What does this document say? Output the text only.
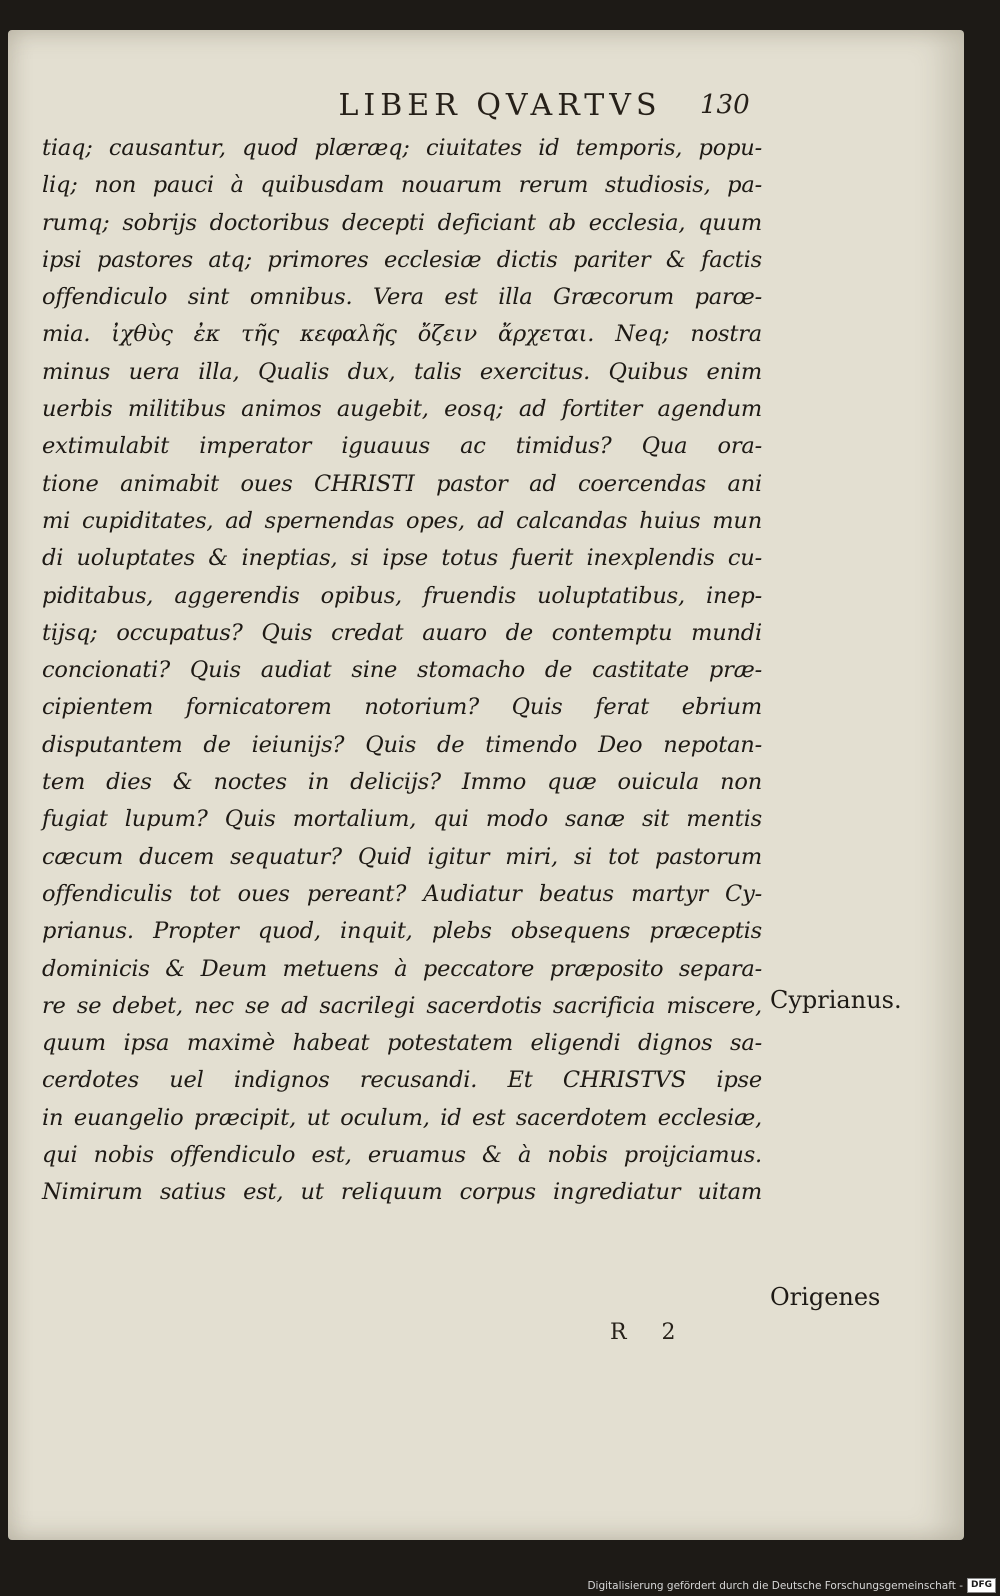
LIBER QVARTVS	130
tiaq; causantur, quod plæræq; ciuitates id temporis, popu-
liq; non pauci à quibusdam nouarum rerum studiosis, pa-
rumq; sobrijs doctoribus decepti deficiant ab ecclesia, quum
ipsi pastores atq; primores ecclesiæ dictis pariter & factis
offendiculo sint omnibus. Vera est illa Græcorum parœ-
mia. ἰχθὺς ἐκ τῆς κεφαλῆς ὄζειν ἄρχεται. Neq; nostra
minus uera illa, Qualis dux, talis exercitus. Quibus enim
uerbis militibus animos augebit, eosq; ad fortiter agendum
extimulabit imperator iguauus ac timidus? Qua ora-
tione animabit oues CHRISTI pastor ad coercendas ani
mi cupiditates, ad spernendas opes, ad calcandas huius mun
di uoluptates & ineptias, si ipse totus fuerit inexplendis cu-
piditabus, aggerendis opibus, fruendis uoluptatibus, inep-
tijsq; occupatus? Quis credat auaro de contemptu mundi
concionati? Quis audiat sine stomacho de castitate præ-
cipientem fornicatorem notorium? Quis ferat ebrium
disputantem de ieiunijs? Quis de timendo Deo nepotan-
tem dies & noctes in delicijs? Immo quæ ouicula non
fugiat lupum? Quis mortalium, qui modo sanæ sit mentis
cæcum ducem sequatur? Quid igitur miri, si tot pastorum
offendiculis tot oues pereant? Audiatur beatus martyr Cy-
prianus. Propter quod, inquit, plebs obsequens præceptis
dominicis & Deum metuens à peccatore præposito separa-
re se debet, nec se ad sacrilegi sacerdotis sacrificia miscere,
quum ipsa maximè habeat potestatem eligendi dignos sa-
cerdotes uel indignos recusandi. Et CHRISTVS ipse
in euangelio præcipit, ut oculum, id est sacerdotem ecclesiæ,
qui nobis offendiculo est, eruamus & à nobis proijciamus.
Nimirum satius est, ut reliquum corpus ingrediatur uitam
Cyprianus.
Origenes
R 2
Digitalisierung gefördert durch die Deutsche Forschungsgemeinschaft - DFG
